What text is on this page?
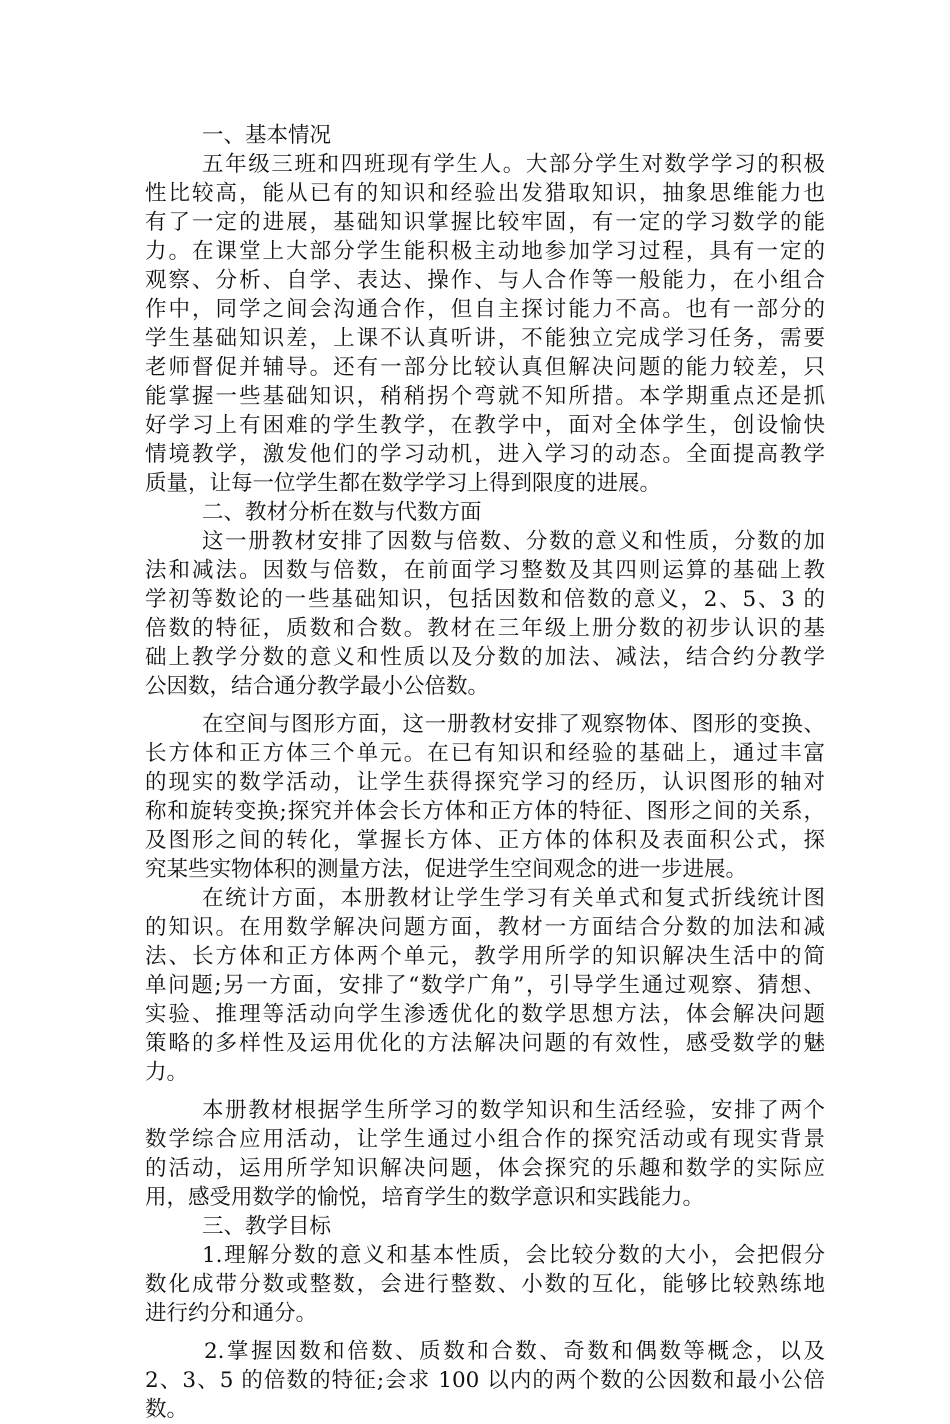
一、基本情况
五年级三班和四班现有学生人。大部分学生对数学学习的积极
性比较高，能从已有的知识和经验出发猎取知识，抽象思维能力也
有了一定的进展，基础知识掌握比较牢固，有一定的学习数学的能
力。在课堂上大部分学生能积极主动地参加学习过程，具有一定的
观察、分析、自学、表达、操作、与人合作等一般能力，在小组合
作中，同学之间会沟通合作，但自主探讨能力不高。也有一部分的
学生基础知识差，上课不认真听讲，不能独立完成学习任务，需要
老师督促并辅导。还有一部分比较认真但解决问题的能力较差，只
能掌握一些基础知识，稍稍拐个弯就不知所措。本学期重点还是抓
好学习上有困难的学生教学，在教学中，面对全体学生，创设愉快
情境教学，激发他们的学习动机，进入学习的动态。全面提高教学
质量，让每一位学生都在数学学习上得到限度的进展。
二、教材分析在数与代数方面
这一册教材安排了因数与倍数、分数的意义和性质，分数的加
法和减法。因数与倍数，在前面学习整数及其四则运算的基础上教
学初等数论的一些基础知识，包括因数和倍数的意义，2、5、3 的
倍数的特征，质数和合数。教材在三年级上册分数的初步认识的基
础上教学分数的意义和性质以及分数的加法、减法，结合约分教学
公因数，结合通分教学最小公倍数。
在空间与图形方面，这一册教材安排了观察物体、图形的变换、
长方体和正方体三个单元。在已有知识和经验的基础上，通过丰富
的现实的数学活动，让学生获得探究学习的经历，认识图形的轴对
称和旋转变换;探究并体会长方体和正方体的特征、图形之间的关系，
及图形之间的转化，掌握长方体、正方体的体积及表面积公式，探
究某些实物体积的测量方法，促进学生空间观念的进一步进展。
在统计方面，本册教材让学生学习有关单式和复式折线统计图
的知识。在用数学解决问题方面，教材一方面结合分数的加法和减
法、长方体和正方体两个单元，教学用所学的知识解决生活中的简
单问题;另一方面，安排了“数学广角”，引导学生通过观察、猜想、
实验、推理等活动向学生渗透优化的数学思想方法，体会解决问题
策略的多样性及运用优化的方法解决问题的有效性，感受数学的魅
力。
本册教材根据学生所学习的数学知识和生活经验，安排了两个
数学综合应用活动，让学生通过小组合作的探究活动或有现实背景
的活动，运用所学知识解决问题，体会探究的乐趣和数学的实际应
用，感受用数学的愉悦，培育学生的数学意识和实践能力。
三、教学目标
1.理解分数的意义和基本性质，会比较分数的大小，会把假分
数化成带分数或整数，会进行整数、小数的互化，能够比较熟练地
进行约分和通分。
2.掌握因数和倍数、质数和合数、奇数和偶数等概念，以及
2、3、5 的倍数的特征;会求 100 以内的两个数的公因数和最小公倍
数。
